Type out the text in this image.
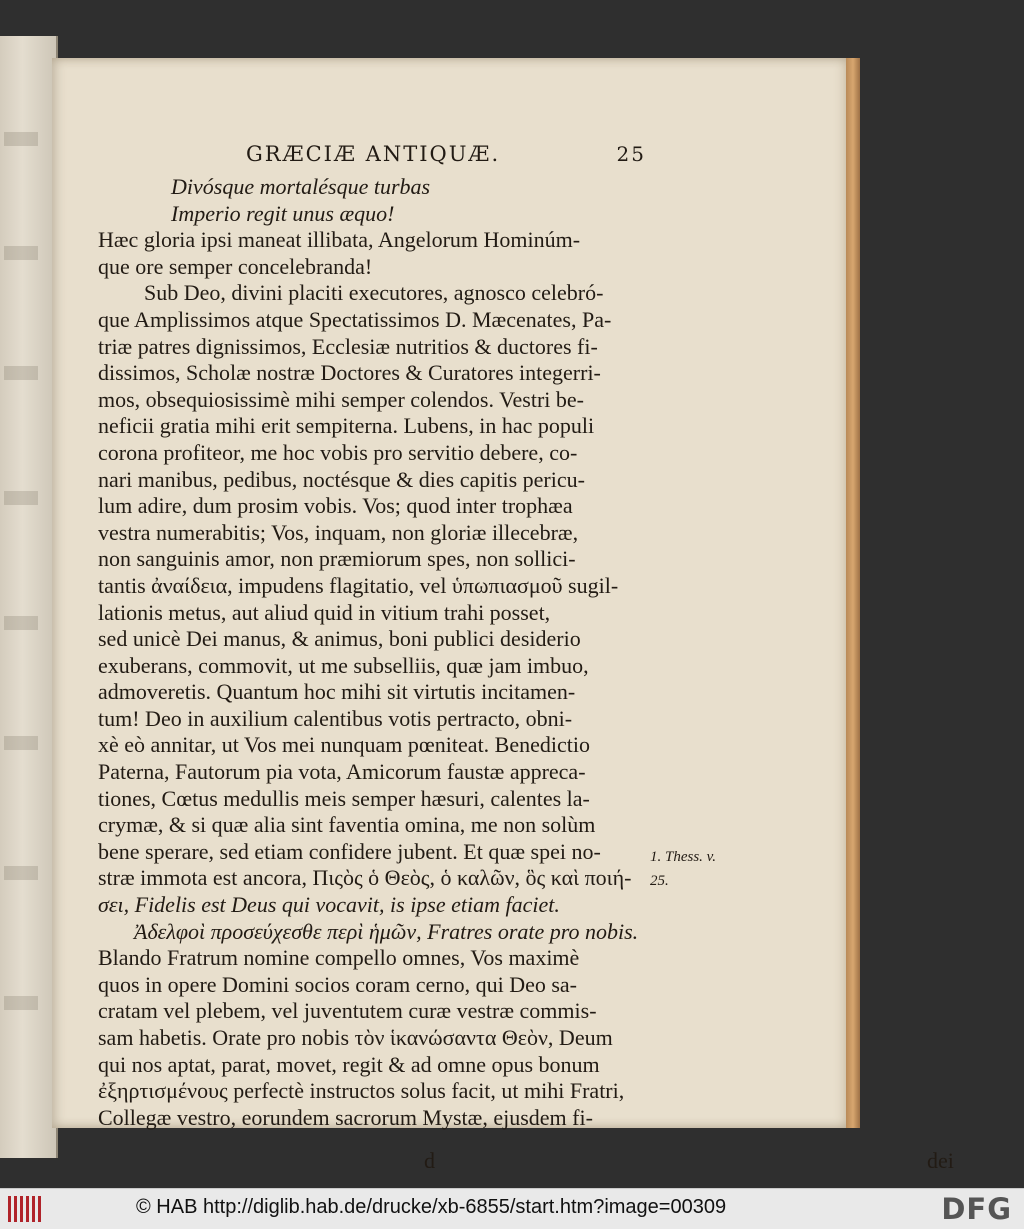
GRÆCIÆ ANTIQUÆ.	25
Divósque mortalésque turbas
Imperio regit unus æquo!
Hæc gloria ipsi maneat illibata, Angelorum Hominúm-
que ore semper concelebranda!
Sub Deo, divini placiti executores, agnosco celebró-
que Amplissimos atque Spectatissimos D. Mæcenates, Pa-
triæ patres dignissimos, Ecclesiæ nutritios & ductores fi-
dissimos, Scholæ nostræ Doctores & Curatores integerri-
mos, obsequiosissimè mihi semper colendos. Vestri be-
neficii gratia mihi erit sempiterna. Lubens, in hac populi
corona profiteor, me hoc vobis pro servitio debere, co-
nari manibus, pedibus, noctésque & dies capitis pericu-
lum adire, dum prosim vobis. Vos; quod inter trophæa
vestra numerabitis; Vos, inquam, non gloriæ illecebræ,
non sanguinis amor, non præmiorum spes, non sollici-
tantis ἀναίδεια, impudens flagitatio, vel ὑπωπιασμοῦ sugil-
lationis metus, aut aliud quid in vitium trahi posset,
sed unicè Dei manus, & animus, boni publici desiderio
exuberans, commovit, ut me subselliis, quæ jam imbuo,
admoveretis. Quantum hoc mihi sit virtutis incitamen-
tum! Deo in auxilium calentibus votis pertracto, obni-
xè eò annitar, ut Vos mei nunquam pœniteat. Benedictio
Paterna, Fautorum pia vota, Amicorum faustæ apprecа-
tiones, Cœtus medullis meis semper hæsuri, calentes la-
crymæ, & si quæ alia sint faventia omina, me non solùm
bene sperare, sed etiam confidere jubent. Et quæ spei no-
stræ immota est ancora, Πιςὸς ὁ Θεὸς, ὁ καλῶν, ὃς καὶ ποιή-
σει, Fidelis est Deus qui vocavit, is ipse etiam faciet.
Ἀδελφοὶ προσεύχεσθε περὶ ἡμῶν, Fratres orate pro nobis.
Blando Fratrum nomine compello omnes, Vos maximè
quos in opere Domini socios coram cerno, qui Deo sa-
cratam vel plebem, vel juventutem curæ vestræ commis-
sam habetis. Orate pro nobis τὸν ἱκανώσαντα Θεὸν, Deum
qui nos aptat, parat, movet, regit & ad omne opus bonum
ἐξηρτισμένους perfectè instructos solus facit, ut mihi Fratri,
Collegæ vestro, eorundem sacrorum Mystæ, ejusdem fi-
d	dei
1. Thess. v.
25.
© HAB http://diglib.hab.de/drucke/xb-6855/start.htm?image=00309	DFG
